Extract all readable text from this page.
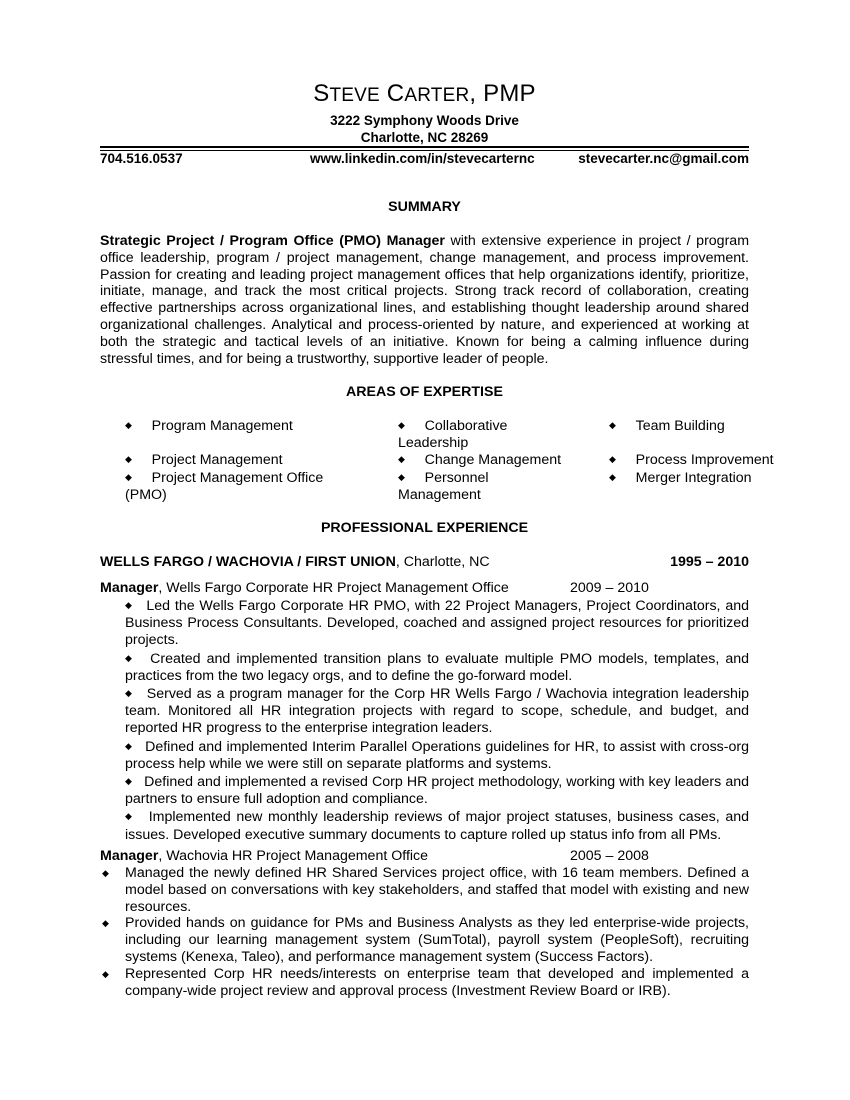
STEVE CARTER, PMP
3222 Symphony Woods Drive
Charlotte, NC 28269
704.516.0537	www.linkedin.com/in/stevecarternc	stevecarter.nc@gmail.com
SUMMARY
Strategic Project / Program Office (PMO) Manager with extensive experience in project / program office leadership, program / project management, change management, and process improvement. Passion for creating and leading project management offices that help organizations identify, prioritize, initiate, manage, and track the most critical projects. Strong track record of collaboration, creating effective partnerships across organizational lines, and establishing thought leadership around shared organizational challenges. Analytical and process-oriented by nature, and experienced at working at both the strategic and tactical levels of an initiative. Known for being a calming influence during stressful times, and for being a trustworthy, supportive leader of people.
AREAS OF EXPERTISE
◆ Program Management
◆ Project Management
◆ Project Management Office (PMO)
◆ Collaborative Leadership
◆ Change Management
◆ Personnel Management
◆ Team Building
◆ Process Improvement
◆ Merger Integration
PROFESSIONAL EXPERIENCE
WELLS FARGO / WACHOVIA / FIRST UNION, Charlotte, NC	1995 – 2010
Manager, Wells Fargo Corporate HR Project Management Office	2009 – 2010
◆ Led the Wells Fargo Corporate HR PMO, with 22 Project Managers, Project Coordinators, and Business Process Consultants. Developed, coached and assigned project resources for prioritized projects.
◆ Created and implemented transition plans to evaluate multiple PMO models, templates, and practices from the two legacy orgs, and to define the go-forward model.
◆ Served as a program manager for the Corp HR Wells Fargo / Wachovia integration leadership team. Monitored all HR integration projects with regard to scope, schedule, and budget, and reported HR progress to the enterprise integration leaders.
◆ Defined and implemented Interim Parallel Operations guidelines for HR, to assist with cross-org process help while we were still on separate platforms and systems.
◆ Defined and implemented a revised Corp HR project methodology, working with key leaders and partners to ensure full adoption and compliance.
◆ Implemented new monthly leadership reviews of major project statuses, business cases, and issues. Developed executive summary documents to capture rolled up status info from all PMs.
Manager, Wachovia HR Project Management Office	2005 – 2008
◆ Managed the newly defined HR Shared Services project office, with 16 team members. Defined a model based on conversations with key stakeholders, and staffed that model with existing and new resources.
◆ Provided hands on guidance for PMs and Business Analysts as they led enterprise-wide projects, including our learning management system (SumTotal), payroll system (PeopleSoft), recruiting systems (Kenexa, Taleo), and performance management system (Success Factors).
◆ Represented Corp HR needs/interests on enterprise team that developed and implemented a company-wide project review and approval process (Investment Review Board or IRB).
